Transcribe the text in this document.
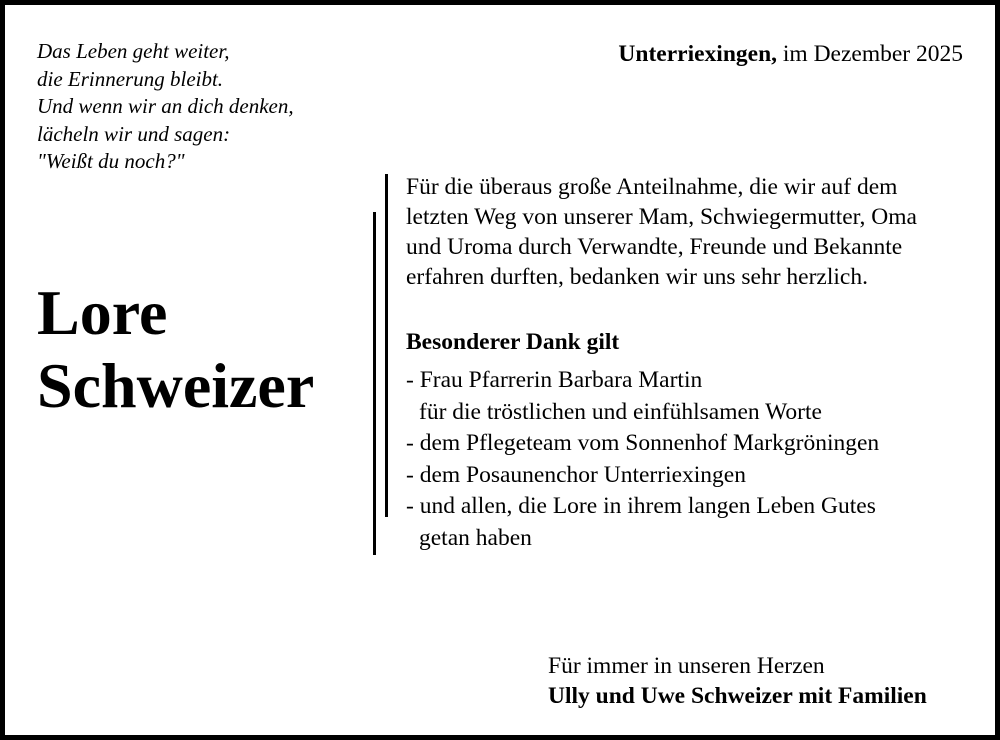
Das Leben geht weiter,
die Erinnerung bleibt.
Und wenn wir an dich denken,
lächeln wir und sagen:
"Weißt du noch?"
Unterriexingen, im Dezember 2025
Lore
Schweizer
Für die überaus große Anteilnahme, die wir auf dem
letzten Weg von unserer Mam, Schwiegermutter, Oma
und Uroma durch Verwandte, Freunde und Bekannte
erfahren durften, bedanken wir uns sehr herzlich.
Besonderer Dank gilt
- Frau Pfarrerin Barbara Martin
für die tröstlichen und einfühlsamen Worte
- dem Pflegeteam vom Sonnenhof Markgröningen
- dem Posaunenchor Unterriexingen
- und allen, die Lore in ihrem langen Leben Gutes
getan haben
Für immer in unseren Herzen
Ully und Uwe Schweizer mit Familien
